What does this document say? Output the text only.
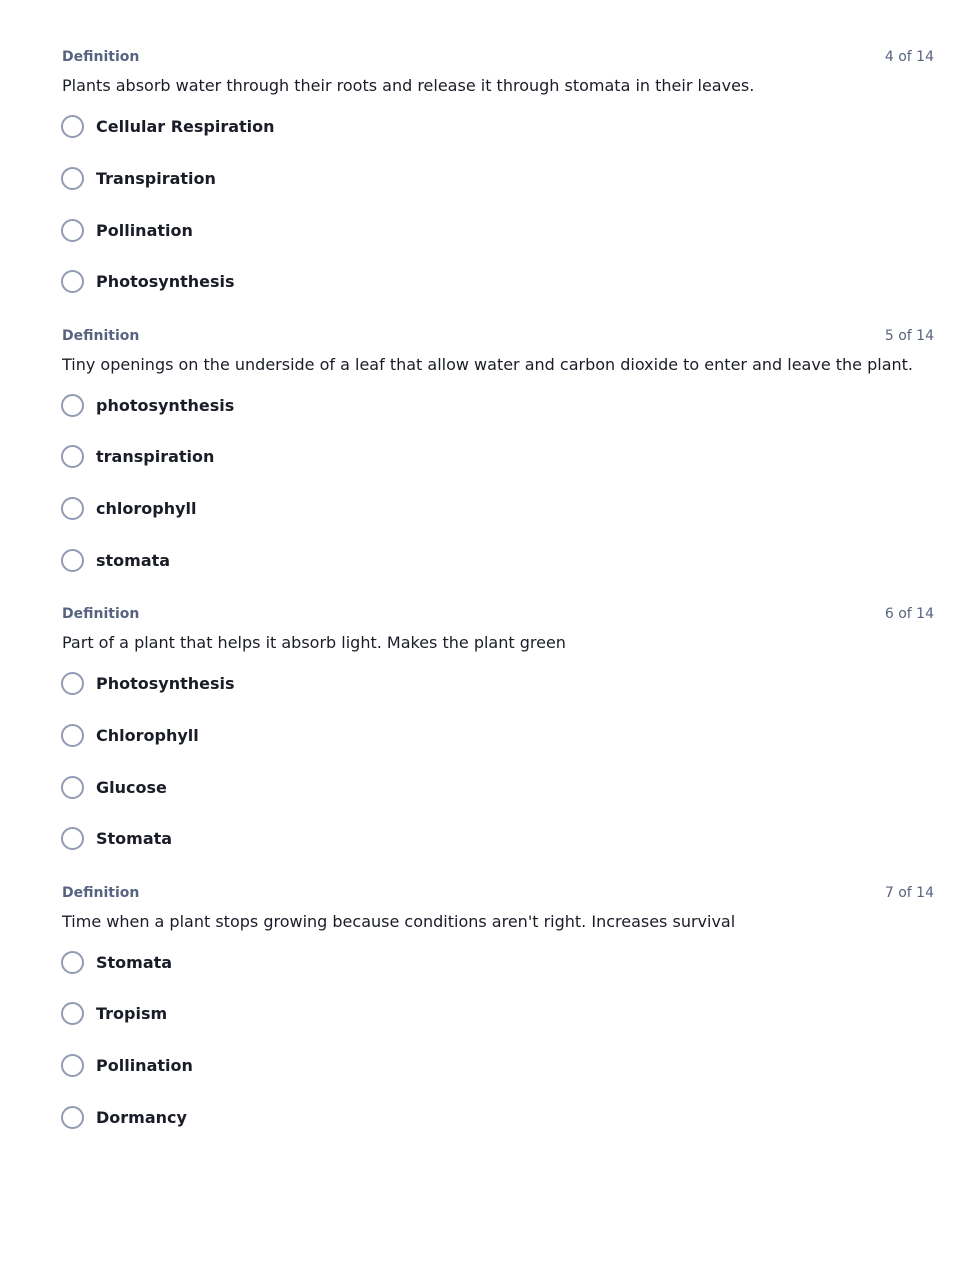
Definition	4 of 14
Plants absorb water through their roots and release it through stomata in their leaves.
Cellular Respiration
Transpiration
Pollination
Photosynthesis
Definition	5 of 14
Tiny openings on the underside of a leaf that allow water and carbon dioxide to enter and leave the plant.
photosynthesis
transpiration
chlorophyll
stomata
Definition	6 of 14
Part of a plant that helps it absorb light. Makes the plant green
Photosynthesis
Chlorophyll
Glucose
Stomata
Definition	7 of 14
Time when a plant stops growing because conditions aren't right. Increases survival
Stomata
Tropism
Pollination
Dormancy
